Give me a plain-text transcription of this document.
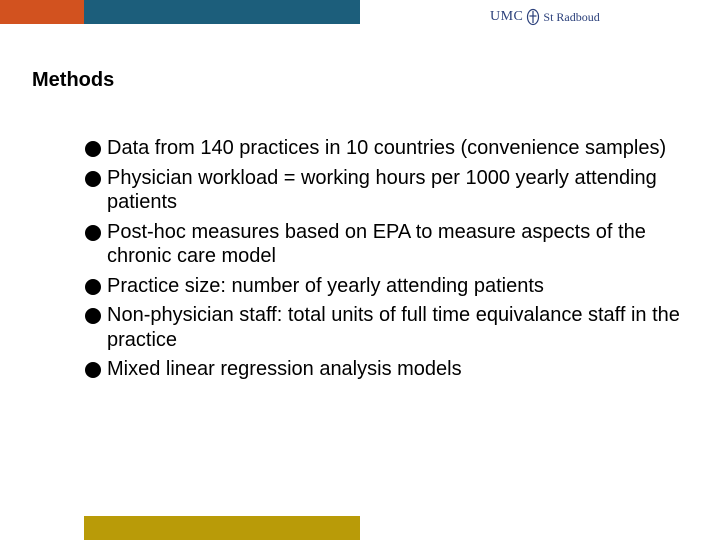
UMC St Radboud
Methods
Data from 140 practices in 10 countries (convenience samples)
Physician workload = working hours per 1000 yearly attending patients
Post-hoc measures based on EPA to measure aspects of the chronic care model
Practice size: number of yearly attending patients
Non-physician staff: total units of full time equivalance staff in the practice
Mixed linear regression analysis models
